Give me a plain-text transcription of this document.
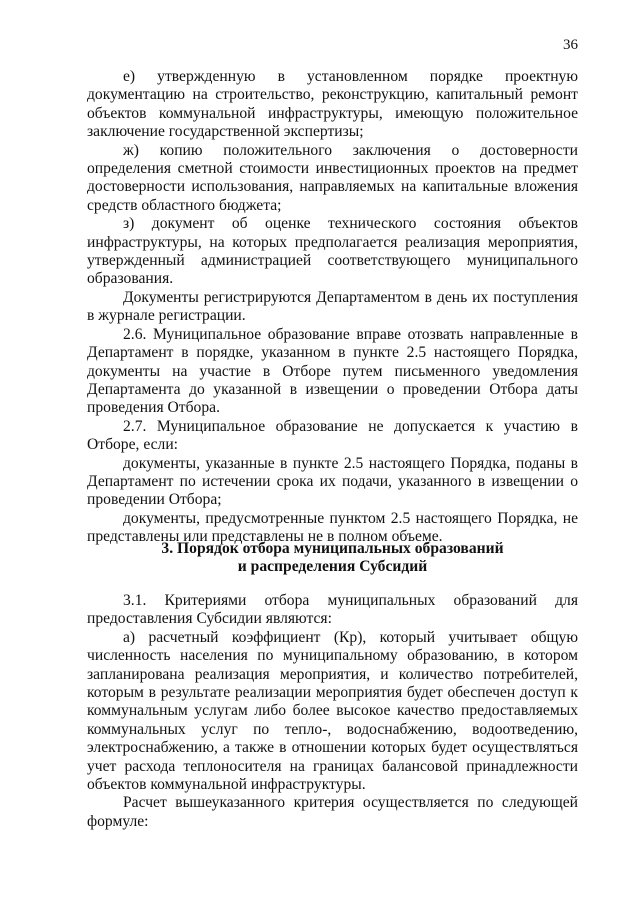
36

е) утвержденную в установленном порядке проектную документацию на строительство, реконструкцию, капитальный ремонт объектов коммунальной инфраструктуры, имеющую положительное заключение государственной экспертизы;

ж) копию положительного заключения о достоверности определения сметной стоимости инвестиционных проектов на предмет достоверности использования, направляемых на капитальные вложения средств областного бюджета;

з) документ об оценке технического состояния объектов инфраструктуры, на которых предполагается реализация мероприятия, утвержденный администрацией соответствующего муниципального образования.

Документы регистрируются Департаментом в день их поступления в журнале регистрации.

2.6. Муниципальное образование вправе отозвать направленные в Департамент в порядке, указанном в пункте 2.5 настоящего Порядка, документы на участие в Отборе путем письменного уведомления Департамента до указанной в извещении о проведении Отбора даты проведения Отбора.

2.7. Муниципальное образование не допускается к участию в Отборе, если:

документы, указанные в пункте 2.5 настоящего Порядка, поданы в Департамент по истечении срока их подачи, указанного в извещении о проведении Отбора;

документы, предусмотренные пунктом 2.5 настоящего Порядка, не представлены или представлены не в полном объеме.

3. Порядок отбора муниципальных образований
и распределения Субсидий

3.1. Критериями отбора муниципальных образований для предоставления Субсидии являются:

а) расчетный коэффициент (Кр), который учитывает общую численность населения по муниципальному образованию, в котором запланирована реализация мероприятия, и количество потребителей, которым в результате реализации мероприятия будет обеспечен доступ к коммунальным услугам либо более высокое качество предоставляемых коммунальных услуг по тепло-, водоснабжению, водоотведению, электроснабжению, а также в отношении которых будет осуществляться учет расхода теплоносителя на границах балансовой принадлежности объектов коммунальной инфраструктуры.

Расчет вышеуказанного критерия осуществляется по следующей формуле:
